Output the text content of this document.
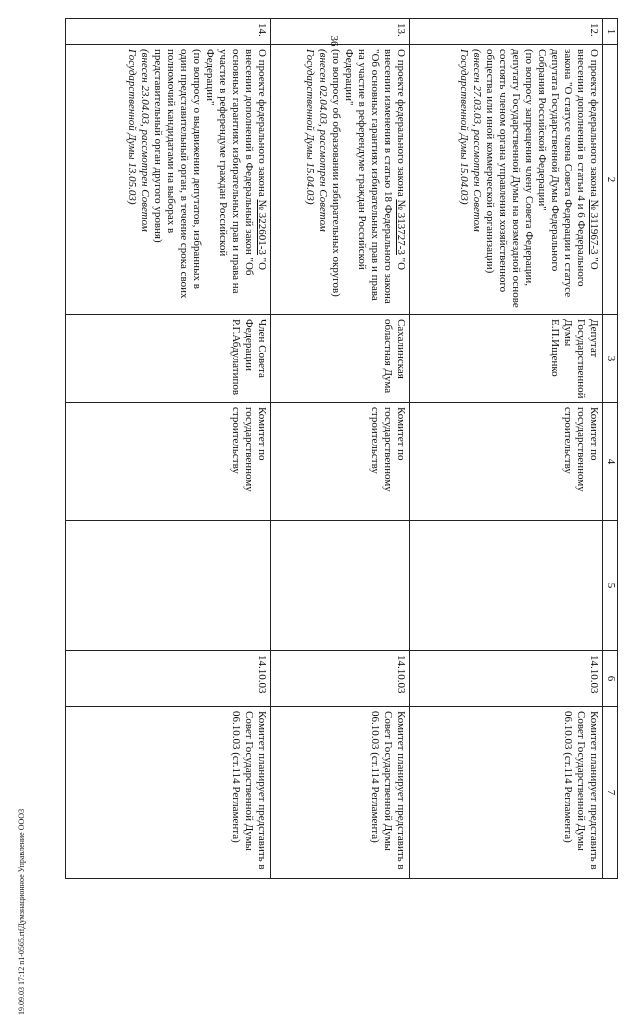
36
1	2	3	4	5	6	7
12.	О проекте федерального закона № 311967-3 "О внесении дополнений в статьи 4 и 6 Федерального закона "О статусе члена Совета Федерации и статусе депутата Государственной Думы Федерального Собрания Российской Федерации"
(по вопросу запрещения члену Совета Федерации, депутату Государственной Думы на возмездной основе состоять членом органа управления хозяйственного общества или иной коммерческой организации)
(внесен 27.03.03, рассмотрен Советом Государственной Думы 15.04.03)	Депутат Государственной Думы Е.П.Ищенко	Комитет по государственному строительству		14.10.03	Комитет планирует представить в Совет Государственной Думы 06.10.03 (ст.114 Регламента)
13.	О проекте федерального закона № 313727-3 "О внесении изменения в статью 18 Федерального закона "Об основных гарантиях избирательных прав и права на участие в референдуме граждан Российской Федерации"
(по вопросу об образовании избирательных округов)
(внесен 02.04.03, рассмотрен Советом Государственной Думы 15.04.03)	Сахалинская областная Дума	Комитет по государственному строительству		14.10.03	Комитет планирует представить в Совет Государственной Думы 06.10.03 (ст.114 Регламента)
14.	О проекте федерального закона № 322601-3 "О внесении дополнений в Федеральный закон "Об основных гарантиях избирательных прав и права на участие в референдуме граждан Российской Федерации"
(по вопросу о выдвижении депутатов, избранных в один представительный орган, в течение срока своих полномочий кандидатами на выборах в представительный орган другого уровня)
(внесен 23.04.03, рассмотрен Советом Государственной Думы 13.05.03)	Член Совета Федерации Р.Г.Абдулатипов	Комитет по государственному строительству		14.10.03	Комитет планирует представить в Совет Государственной Думы 06.10.03 (ст.114 Регламента)
19.09.03 17:12 n1-0565.rtfДумзнационное Управление ООО3
